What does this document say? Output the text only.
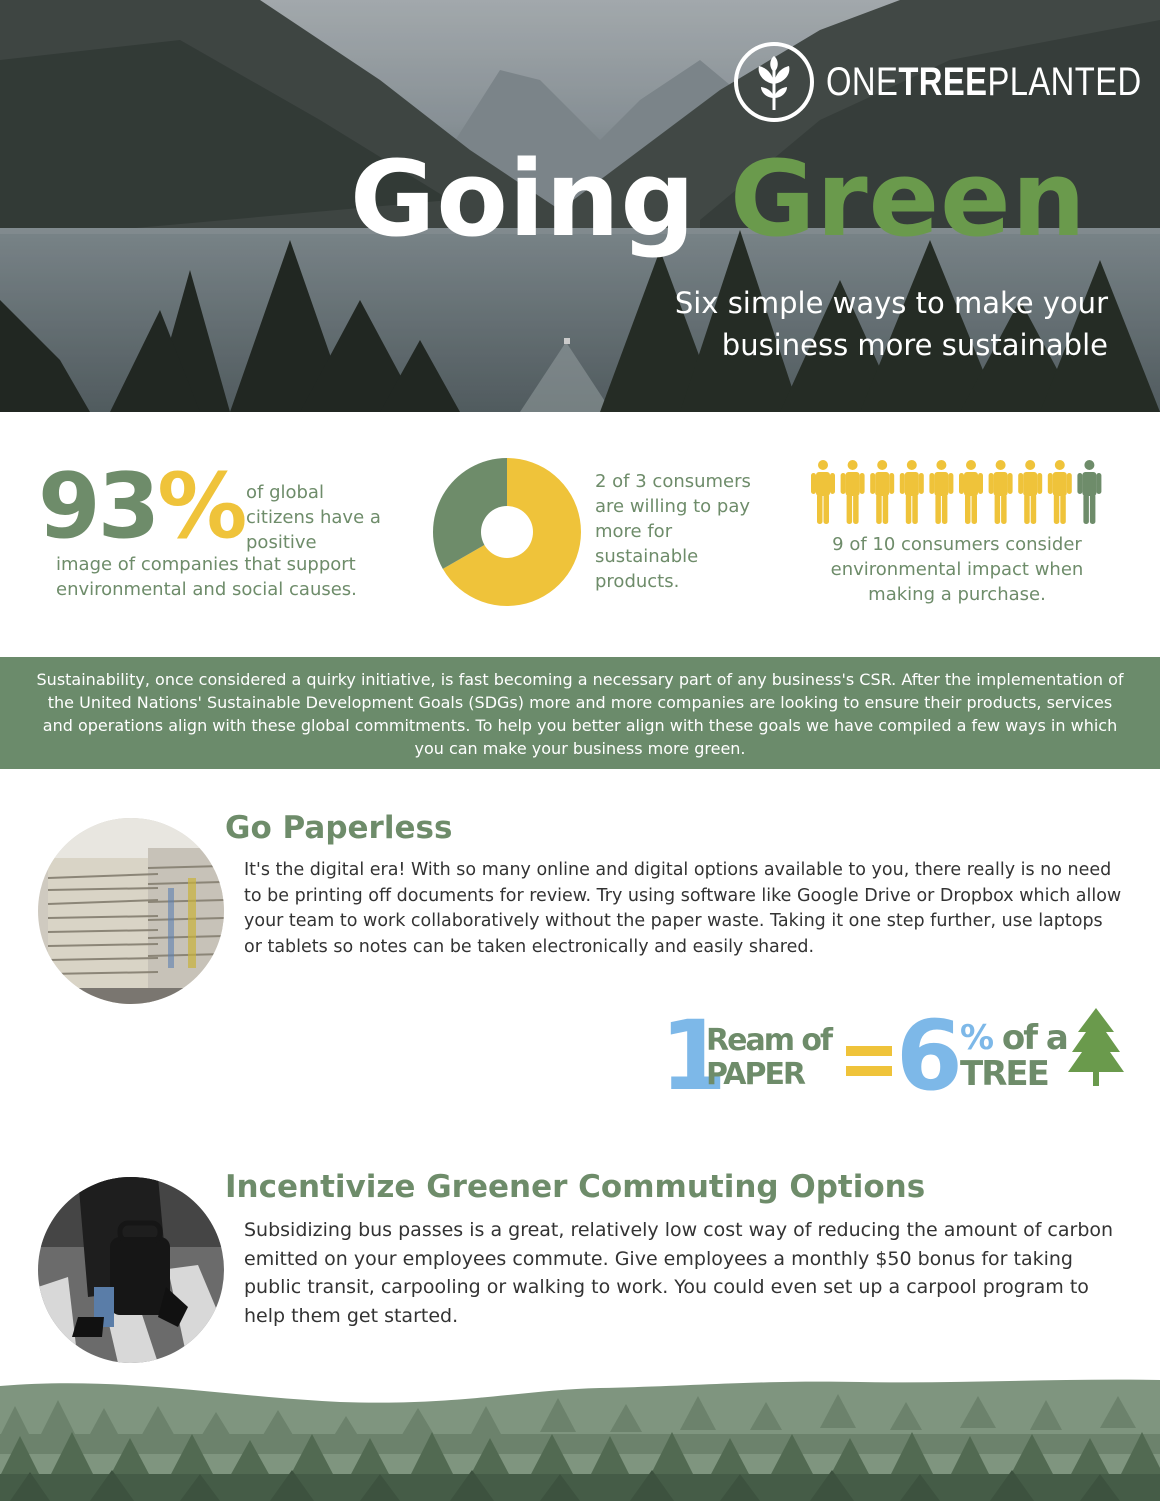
ONETREEPLANTED
Going Green
Six simple ways to make your
business more sustainable
93% of global citizens have a positive
image of companies that support environmental and social causes.
2 of 3 consumers are willing to pay more for sustainable products.
9 of 10 consumers consider environmental impact when making a purchase.
Sustainability, once considered a quirky initiative, is fast becoming a necessary part of any business's CSR. After the implementation of the United Nations' Sustainable Development Goals (SDGs) more and more companies are looking to ensure their products, services and operations align with these global commitments. To help you better align with these goals we have compiled a few ways in which you can make your business more green.
Go Paperless
It's the digital era! With so many online and digital options available to you, there really is no need to be printing off documents for review. Try using software like Google Drive or Dropbox which allow your team to work collaboratively without the paper waste. Taking it one step further, use laptops or tablets so notes can be taken electronically and easily shared.
1
Ream of
PAPER 6 % of a
TREE
Incentivize Greener Commuting Options
Subsidizing bus passes is a great, relatively low cost way of reducing the amount of carbon emitted on your employees commute. Give employees a monthly $50 bonus for taking public transit, carpooling or walking to work. You could even set up a carpool program to help them get started.
